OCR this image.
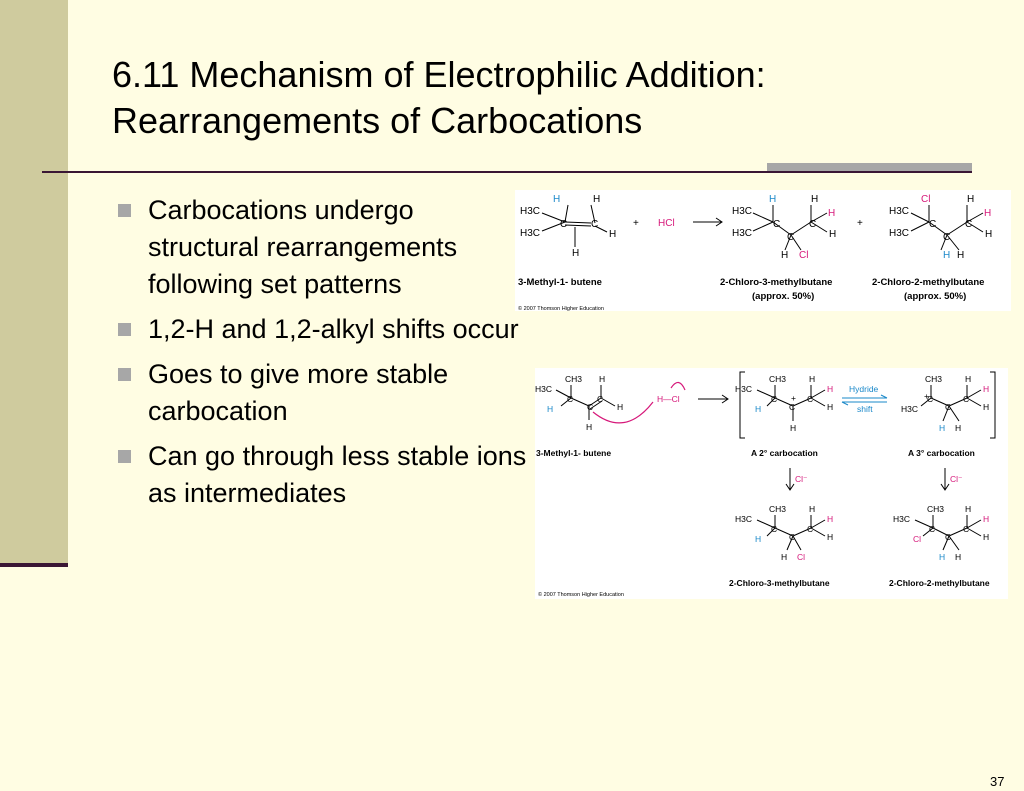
6.11 Mechanism of Electrophilic Addition:
Rearrangements of Carbocations
Carbocations undergo structural rearrangements following set patterns
1,2-H and 1,2-alkyl shifts occur
Goes to give more stable carbocation
Can go through less stable ions as intermediates
H3C
H3C
C C
H
H
H
+
H3C
H3C
C
C
C
H
H
H
+
H3C
H3C
C
C
C
H
H
H
H	H
H
HCl
H
Cl
Cl
H
3-Methyl-1- butene	2-Chloro-3-methylbutane
(approx. 50%)
2-Chloro-2-methylbutane
(approx. 50%)
© 2007 Thomson Higher Education
H3C
CH3
C
C
C
H
H
H
H3C
CH3
C
C
+ C
H
H
H
CH3
H3C
C
+
C
C
H
H
H
H3C
CH3
C
C
C
H
H
H
H3C
CH3
C
C
C
H
H
H
H	H
Hydride
shift
H
H
H
H—Cl
H	H
Cl⁻	Cl⁻
H
Cl
Cl
H
3-Methyl-1- butene	A 2° carbocation	A 3° carbocation
2-Chloro-3-methylbutane	2-Chloro-2-methylbutane
© 2007 Thomson Higher Education
37
